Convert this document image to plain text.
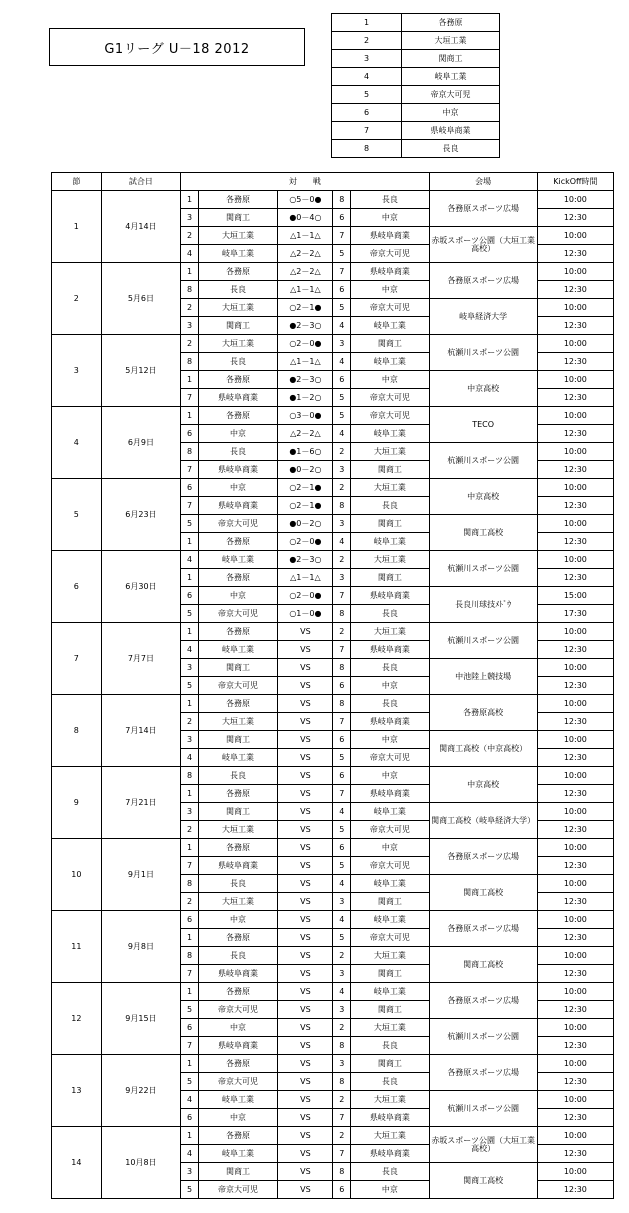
G1リーグ U－18 2012
1	各務原
2	大垣工業
3	関商工
4	岐阜工業
5	帝京大可児
6	中京
7	県岐阜商業
8	長良
節	試合日	対　　戦					会場	KickOff時間
1	4月14日	1	各務原	○5－0●	8	長良	各務原スポーツ広場	10:00
		3	関商工	●0－4○	6	中京		12:30
		2	大垣工業	△1－1△	7	県岐阜商業	赤坂スポーツ公園（大垣工業高校）	10:00
		4	岐阜工業	△2－2△	5	帝京大可児		12:30
2	5月6日	1	各務原	△2－2△	7	県岐阜商業	各務原スポーツ広場	10:00
		8	長良	△1－1△	6	中京		12:30
		2	大垣工業	○2－1●	5	帝京大可児	岐阜経済大学	10:00
		3	関商工	●2－3○	4	岐阜工業		12:30
3	5月12日	2	大垣工業	○2－0●	3	関商工	杭瀬川スポーツ公園	10:00
		8	長良	△1－1△	4	岐阜工業		12:30
		1	各務原	●2－3○	6	中京	中京高校	10:00
		7	県岐阜商業	●1－2○	5	帝京大可児		12:30
4	6月9日	1	各務原	○3－0●	5	帝京大可児	TECO	10:00
		6	中京	△2－2△	4	岐阜工業		12:30
		8	長良	●1－6○	2	大垣工業	杭瀬川スポーツ公園	10:00
		7	県岐阜商業	●0－2○	3	関商工		12:30
5	6月23日	6	中京	○2－1●	2	大垣工業	中京高校	10:00
		7	県岐阜商業	○2－1●	8	長良		12:30
		5	帝京大可児	●0－2○	3	関商工	関商工高校	10:00
		1	各務原	○2－0●	4	岐阜工業		12:30
6	6月30日	4	岐阜工業	●2－3○	2	大垣工業	杭瀬川スポーツ公園	10:00
		1	各務原	△1－1△	3	関商工		12:30
		6	中京	○2－0●	7	県岐阜商業	長良川球技ﾒﾄﾞｳ	15:00
		5	帝京大可児	○1－0●	8	長良		17:30
7	7月7日	1	各務原	VS	2	大垣工業	杭瀬川スポーツ公園	10:00
		4	岐阜工業	VS	7	県岐阜商業		12:30
		3	関商工	VS	8	長良	中池陸上競技場	10:00
		5	帝京大可児	VS	6	中京		12:30
8	7月14日	1	各務原	VS	8	長良	各務原高校	10:00
		2	大垣工業	VS	7	県岐阜商業		12:30
		3	関商工	VS	6	中京	関商工高校（中京高校）	10:00
		4	岐阜工業	VS	5	帝京大可児		12:30
9	7月21日	8	長良	VS	6	中京	中京高校	10:00
		1	各務原	VS	7	県岐阜商業		12:30
		3	関商工	VS	4	岐阜工業	関商工高校（岐阜経済大学）	10:00
		2	大垣工業	VS	5	帝京大可児		12:30
10	9月1日	1	各務原	VS	6	中京	各務原スポーツ広場	10:00
		7	県岐阜商業	VS	5	帝京大可児		12:30
		8	長良	VS	4	岐阜工業	関商工高校	10:00
		2	大垣工業	VS	3	関商工		12:30
11	9月8日	6	中京	VS	4	岐阜工業	各務原スポーツ広場	10:00
		1	各務原	VS	5	帝京大可児		12:30
		8	長良	VS	2	大垣工業	関商工高校	10:00
		7	県岐阜商業	VS	3	関商工		12:30
12	9月15日	1	各務原	VS	4	岐阜工業	各務原スポーツ広場	10:00
		5	帝京大可児	VS	3	関商工		12:30
		6	中京	VS	2	大垣工業	杭瀬川スポーツ公園	10:00
		7	県岐阜商業	VS	8	長良		12:30
13	9月22日	1	各務原	VS	3	関商工	各務原スポーツ広場	10:00
		5	帝京大可児	VS	8	長良		12:30
		4	岐阜工業	VS	2	大垣工業	杭瀬川スポーツ公園	10:00
		6	中京	VS	7	県岐阜商業		12:30
14	10月8日	1	各務原	VS	2	大垣工業	赤坂スポーツ公園（大垣工業高校）	10:00
		4	岐阜工業	VS	7	県岐阜商業		12:30
		3	関商工	VS	8	長良	関商工高校	10:00
		5	帝京大可児	VS	6	中京		12:30
